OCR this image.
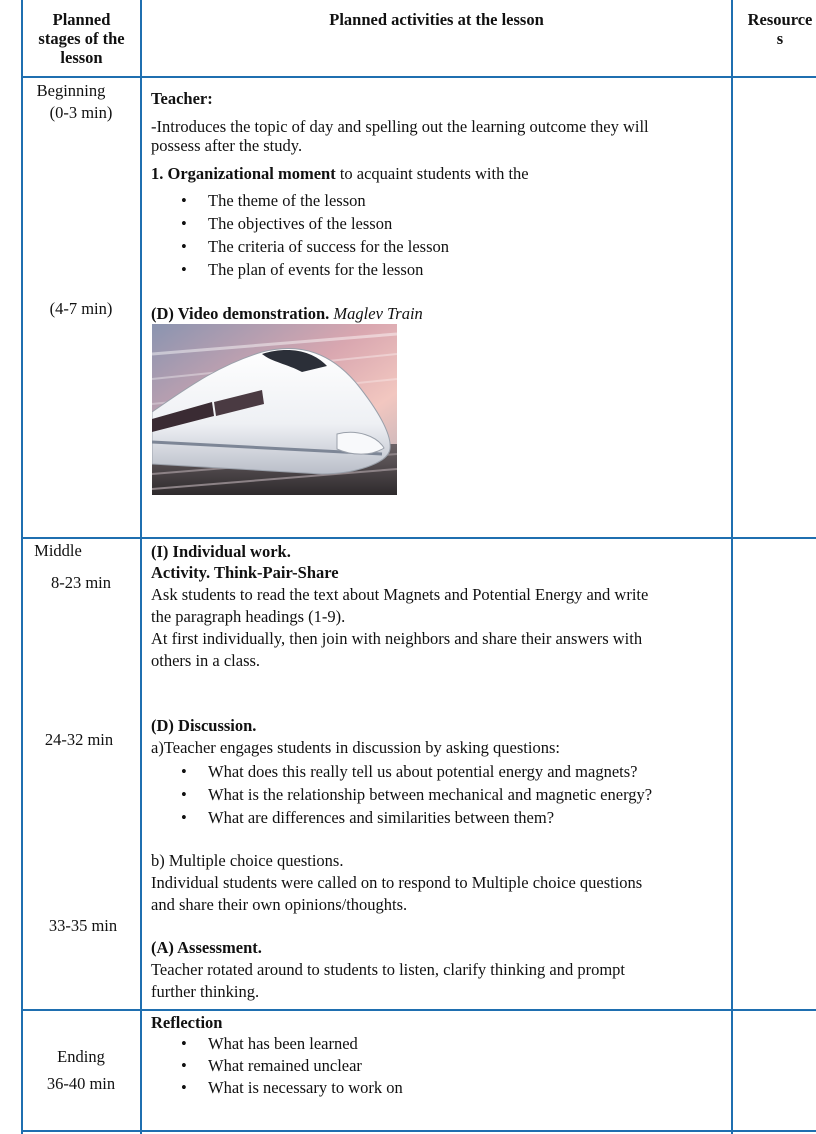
Planned
stages of the
lesson
Planned activities at the lesson	Resource
s
Beginning
(0-3 min)
(4-7 min)
Teacher:
-Introduces the topic of day and spelling out the learning outcome they will
possess after the study.
1. Organizational moment to acquaint students with the
• The theme of the lesson
• The objectives of the lesson
• The criteria of success for the lesson
• The plan of events for the lesson
(D) Video demonstration. Maglev Train
Middle
8-23 min
24-32 min
33-35 min
(I) Individual work.
Activity. Think-Pair-Share
Ask students to read the text about Magnets and Potential Energy and write
the paragraph headings (1-9).
At first individually, then join with neighbors and share their answers with
others in a class.
(D) Discussion.
a)Teacher engages students in discussion by asking questions:
• What does this really tell us about potential energy and magnets?
• What is the relationship between mechanical and magnetic energy?
• What are differences and similarities between them?
b) Multiple choice questions.
Individual students were called on to respond to Multiple choice questions
and share their own opinions/thoughts.
(A) Assessment.
Teacher rotated around to students to listen, clarify thinking and prompt
further thinking.
Ending
36-40 min
Reflection
• What has been learned
• What remained unclear
• What is necessary to work on
